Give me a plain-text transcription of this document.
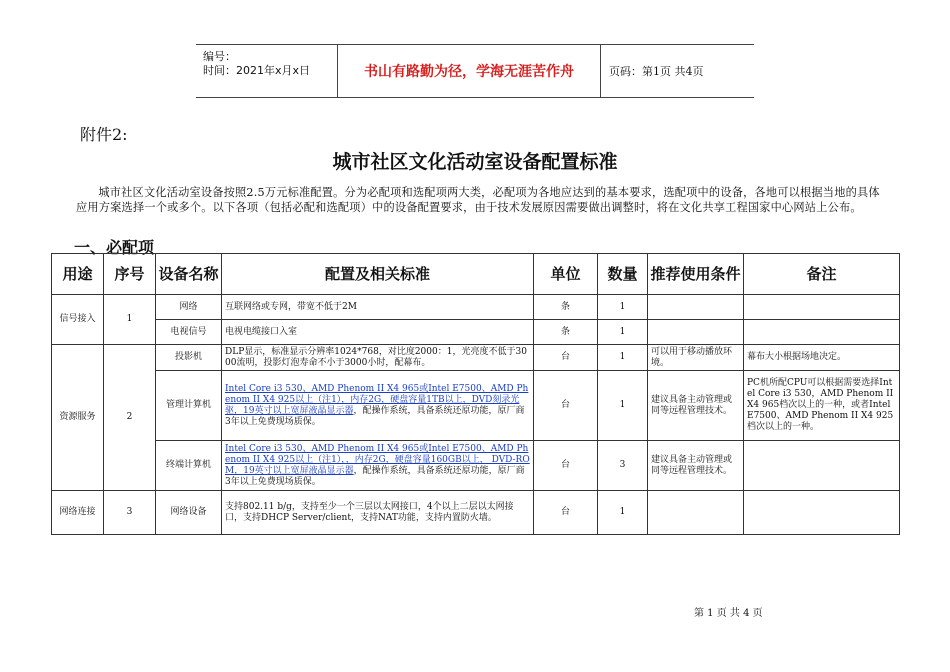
编号：
时间：2021年x月x日	书山有路勤为径，学海无涯苦作舟	页码：第1页 共4页
附件2:
城市社区文化活动室设备配置标准
城市社区文化活动室设备按照2.5万元标准配置。分为必配项和选配项两大类，必配项为各地应达到的基本要求，选配项中的设备，各地可以根据当地的具体应用方案选择一个或多个。以下各项（包括必配和选配项）中的设备配置要求，由于技术发展原因需要做出调整时，将在文化共享工程国家中心网站上公布。
一、必配项
用途	序号	设备名称	配置及相关标准	单位	数量	推荐使用条件	备注
信号接入	1	网络	互联网络或专网，带宽不低于2M	条	1		
		电视信号	电视电缆接口入室	条	1		
资源服务	2	投影机	DLP显示，标准显示分辨率1024*768，对比度2000：1，光亮度不低于3000流明，投影灯泡寿命不小于3000小时，配幕布。	台	1	可以用于移动播放环境。	幕布大小根据场地决定。
		管理计算机	Intel Core i3 530、AMD Phenom II X4 965或Intel E7500、AMD Phenom II X4 925以上（注1），内存2G，硬盘容量1TB以上，DVD刻录光驱，19英寸以上宽屏液晶显示器，配操作系统，具备系统还原功能，原厂商3年以上免费现场质保。	台	1	建议具备主动管理或同等远程管理技术。	PC机所配CPU可以根据需要选择Intel Core i3 530，AMD Phenom II X4 965档次以上的一种，或者Intel E7500、AMD Phenom II X4 925档次以上的一种。
		终端计算机	Intel Core i3 530、AMD Phenom II X4 965或Intel E7500、AMD Phenom II X4 925以上（注1），，内存2G，硬盘容量160GB以上， DVD-ROM，19英寸以上宽屏液晶显示器，配操作系统，具备系统还原功能，原厂商3年以上免费现场质保。	台	3	建议具备主动管理或同等远程管理技术。	
网络连接	3	网络设备	支持802.11 b/g，支持至少一个三层以太网接口，4个以上二层以太网接口，支持DHCP Server/client，支持NAT功能，支持内置防火墙。	台	1		
第 1 页 共 4 页
